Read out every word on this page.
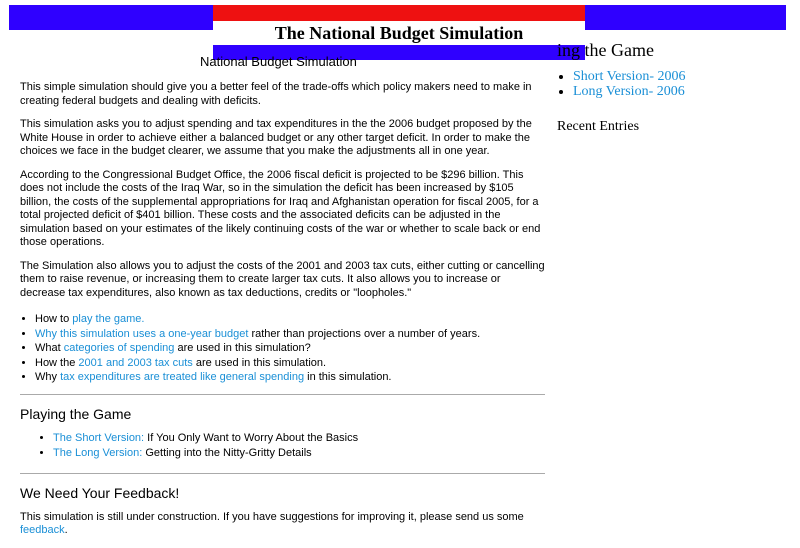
The National Budget Simulation
National Budget Simulation

This simple simulation should give you a better feel of the trade-offs which policy makers need to make in creating federal budgets and dealing with deficits.

This simulation asks you to adjust spending and tax expenditures in the the 2006 budget proposed by the White House in order to achieve either a balanced budget or any other target deficit. In order to make the choices we face in the budget clearer, we assume that you make the adjustments all in one year.

According to the Congressional Budget Office, the 2006 fiscal deficit is projected to be $296 billion. This does not include the costs of the Iraq War, so in the simulation the deficit has been increased by $105 billion, the costs of the supplemental appropriations for Iraq and Afghanistan operation for fiscal 2005, for a total projected deficit of $401 billion. These costs and the associated deficits can be adjusted in the simulation based on your estimates of the likely continuing costs of the war or whether to scale back or end those operations.

The Simulation also allows you to adjust the costs of the 2001 and 2003 tax cuts, either cutting or cancelling them to raise revenue, or increasing them to create larger tax cuts. It also allows you to increase or decrease tax expenditures, also known as tax deductions, credits or "loopholes."

• How to play the game.
• Why this simulation uses a one-year budget rather than projections over a number of years.
• What categories of spending are used in this simulation?
• How the 2001 and 2003 tax cuts are used in this simulation.
• Why tax expenditures are treated like general spending in this simulation.
Playing the Game
• The Short Version: If You Only Want to Worry About the Basics
• The Long Version: Getting into the Nitty-Gritty Details
We Need Your Feedback!

This simulation is still under construction. If you have suggestions for improving it, please send us some feedback.

ing the Game
• Short Version- 2006
• Long Version- 2006
Recent Entries
